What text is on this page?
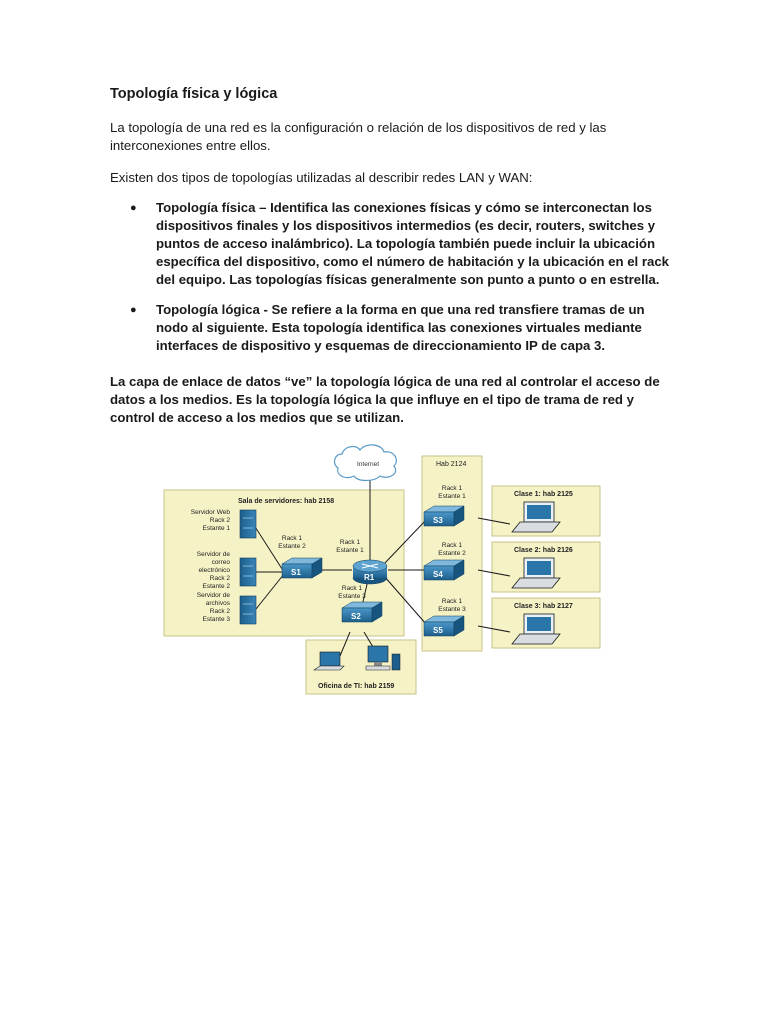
Topología física y lógica
La topología de una red es la configuración o relación de los dispositivos de red y las interconexiones entre ellos.
Existen dos tipos de topologías utilizadas al describir redes LAN y WAN:
● Topología física – Identifica las conexiones físicas y cómo se interconectan los dispositivos finales y los dispositivos intermedios (es decir, routers, switches y puntos de acceso inalámbrico). La topología también puede incluir la ubicación específica del dispositivo, como el número de habitación y la ubicación en el rack del equipo. Las topologías físicas generalmente son punto a punto o en estrella.
● Topología lógica - Se refiere a la forma en que una red transfiere tramas de un nodo al siguiente. Esta topología identifica las conexiones virtuales mediante interfaces de dispositivo y esquemas de direccionamiento IP de capa 3.
La capa de enlace de datos “ve” la topología lógica de una red al controlar el acceso de datos a los medios. Es la topología lógica la que influye en el tipo de trama de red y control de acceso a los medios que se utilizan.
Sala de servidores: hab 2158
Hab 2124
Clase 1: hab 2125
Clase 2: hab 2126
Clase 3: hab 2127
Oficina de TI: hab 2159
Internet
Servidor Web Rack 2 Estante 1
Servidor de correo electrónico Rack 2 Estante 2
Servidor de archivos Rack 2 Estante 3
Rack 1 Estante 2
Rack 1 Estante 1
Rack 1 Estante 3
Rack 1 Estante 1
Rack 1 Estante 2
Rack 1 Estante 3
S1
S2
S3
S4
S5
R1
